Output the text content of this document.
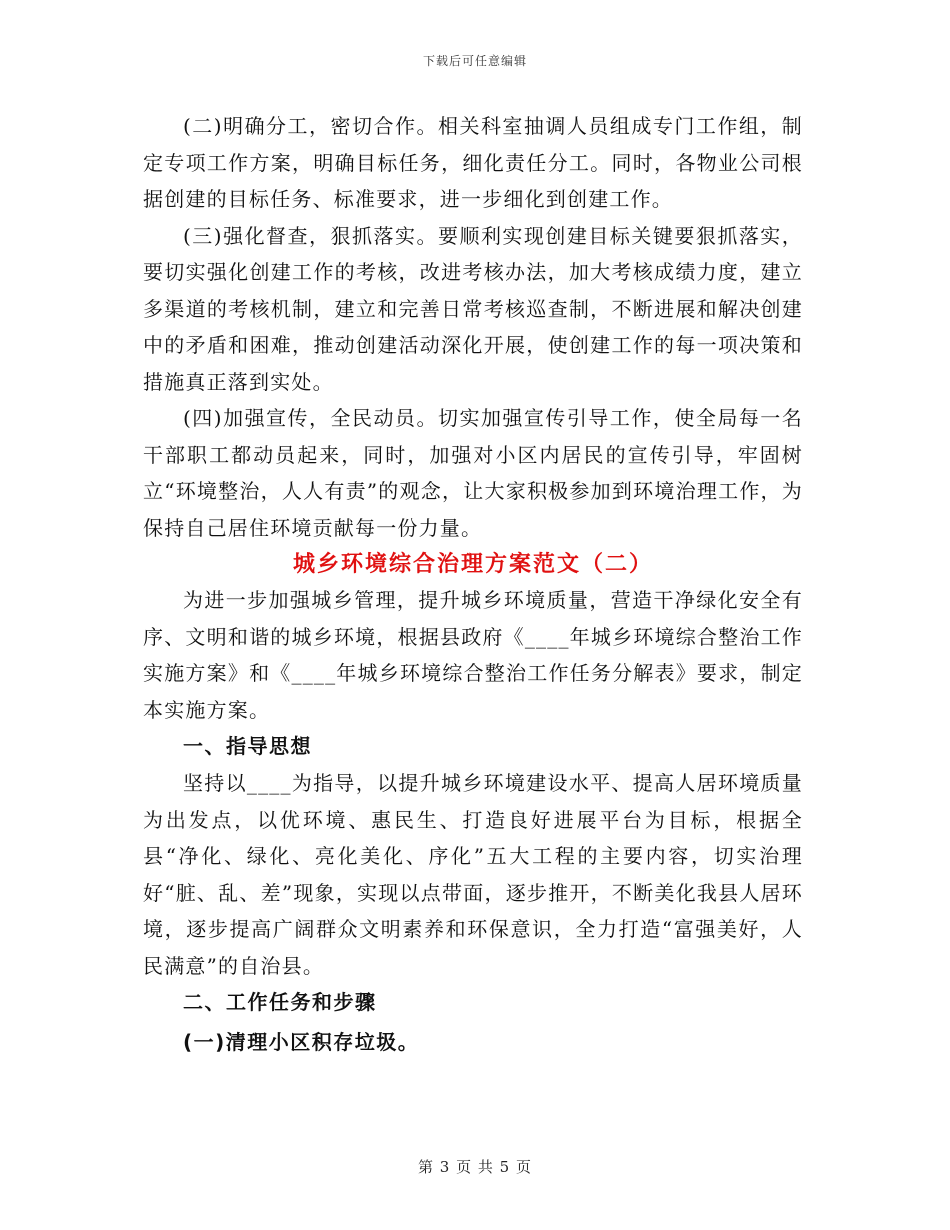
下载后可任意编辑

(二)明确分工，密切合作。相关科室抽调人员组成专门工作组，制定专项工作方案，明确目标任务，细化责任分工。同时，各物业公司根据创建的目标任务、标准要求，进一步细化到创建工作。

(三)强化督查，狠抓落实。要顺利实现创建目标关键要狠抓落实，要切实强化创建工作的考核，改进考核办法，加大考核成绩力度，建立多渠道的考核机制，建立和完善日常考核巡查制，不断进展和解决创建中的矛盾和困难，推动创建活动深化开展，使创建工作的每一项决策和措施真正落到实处。

(四)加强宣传，全民动员。切实加强宣传引导工作，使全局每一名干部职工都动员起来，同时，加强对小区内居民的宣传引导，牢固树立“环境整治，人人有责”的观念，让大家积极参加到环境治理工作，为保持自己居住环境贡献每一份力量。

城乡环境综合治理方案范文（二）

为进一步加强城乡管理，提升城乡环境质量，营造干净绿化安全有序、文明和谐的城乡环境，根据县政府《____年城乡环境综合整治工作实施方案》和《____年城乡环境综合整治工作任务分解表》要求，制定本实施方案。

一、指导思想

坚持以____为指导，以提升城乡环境建设水平、提高人居环境质量为出发点，以优环境、惠民生、打造良好进展平台为目标，根据全县“净化、绿化、亮化美化、序化”五大工程的主要内容，切实治理好“脏、乱、差”现象，实现以点带面，逐步推开，不断美化我县人居环境，逐步提高广阔群众文明素养和环保意识，全力打造“富强美好，人民满意”的自治县。

二、工作任务和步骤
(一)清理小区积存垃圾。
第 3 页 共 5 页
